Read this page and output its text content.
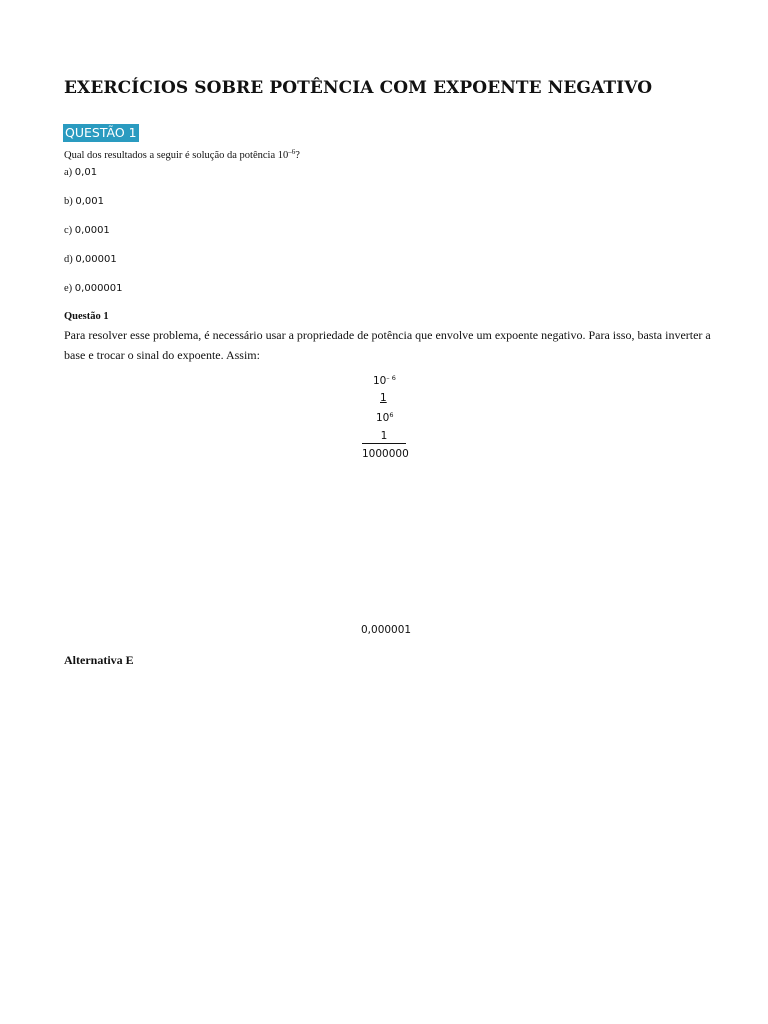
EXERCÍCIOS SOBRE POTÊNCIA COM EXPOENTE NEGATIVO
QUESTÃO 1
Qual dos resultados a seguir é solução da potência $10^{-6}$?
a) 0,01
b) 0,001
c) 0,0001
d) 0,00001
e) 0,000001
Questão 1
Para resolver esse problema, é necessário usar a propriedade de potência que envolve um expoente negativo. Para isso, basta inverter a base e trocar o sinal do expoente. Assim:
$10^{- 6}$
1
$10^6$
1
1000000
0,000001
Alternativa E
